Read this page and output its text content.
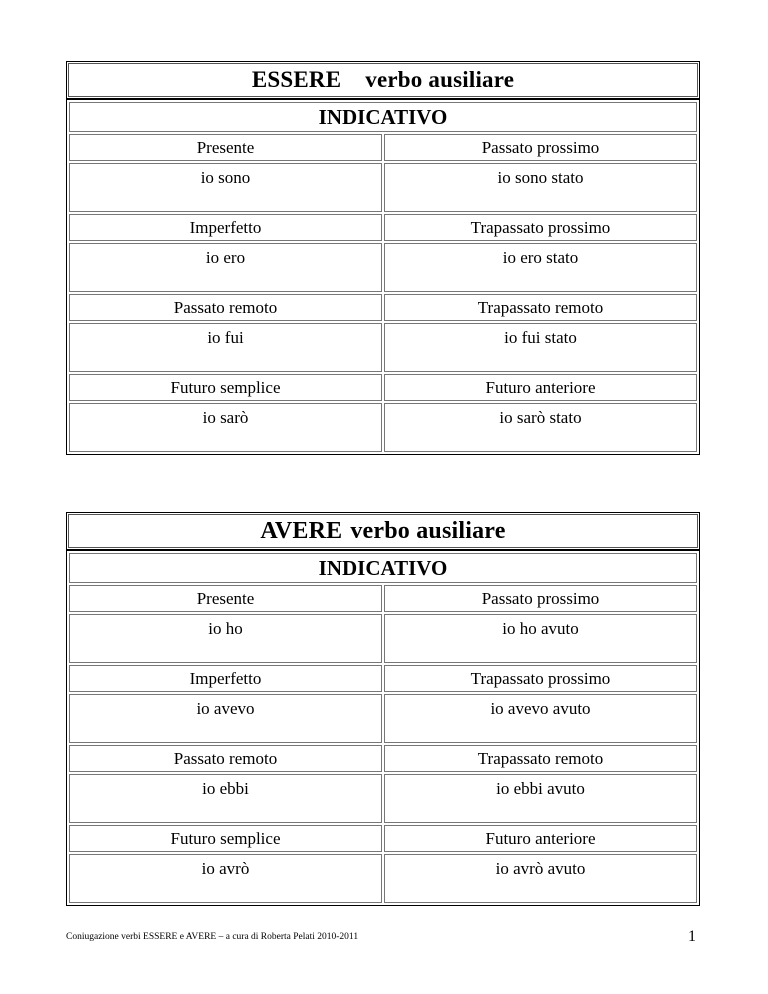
ESSERE verbo ausiliare
INDICATIVO
Presente	Passato prossimo
io sono	io sono stato
Imperfetto	Trapassato prossimo
io ero	io ero stato
Passato remoto	Trapassato remoto
io fui	io fui stato
Futuro semplice	Futuro anteriore
io sarò	io sarò stato
AVERE verbo ausiliare
INDICATIVO
Presente	Passato prossimo
io ho	io ho avuto
Imperfetto	Trapassato prossimo
io avevo	io avevo avuto
Passato remoto	Trapassato remoto
io ebbi	io ebbi avuto
Futuro semplice	Futuro anteriore
io avrò	io avrò avuto
Coniugazione verbi ESSERE e AVERE – a cura di Roberta Pelati 2010-2011	1
